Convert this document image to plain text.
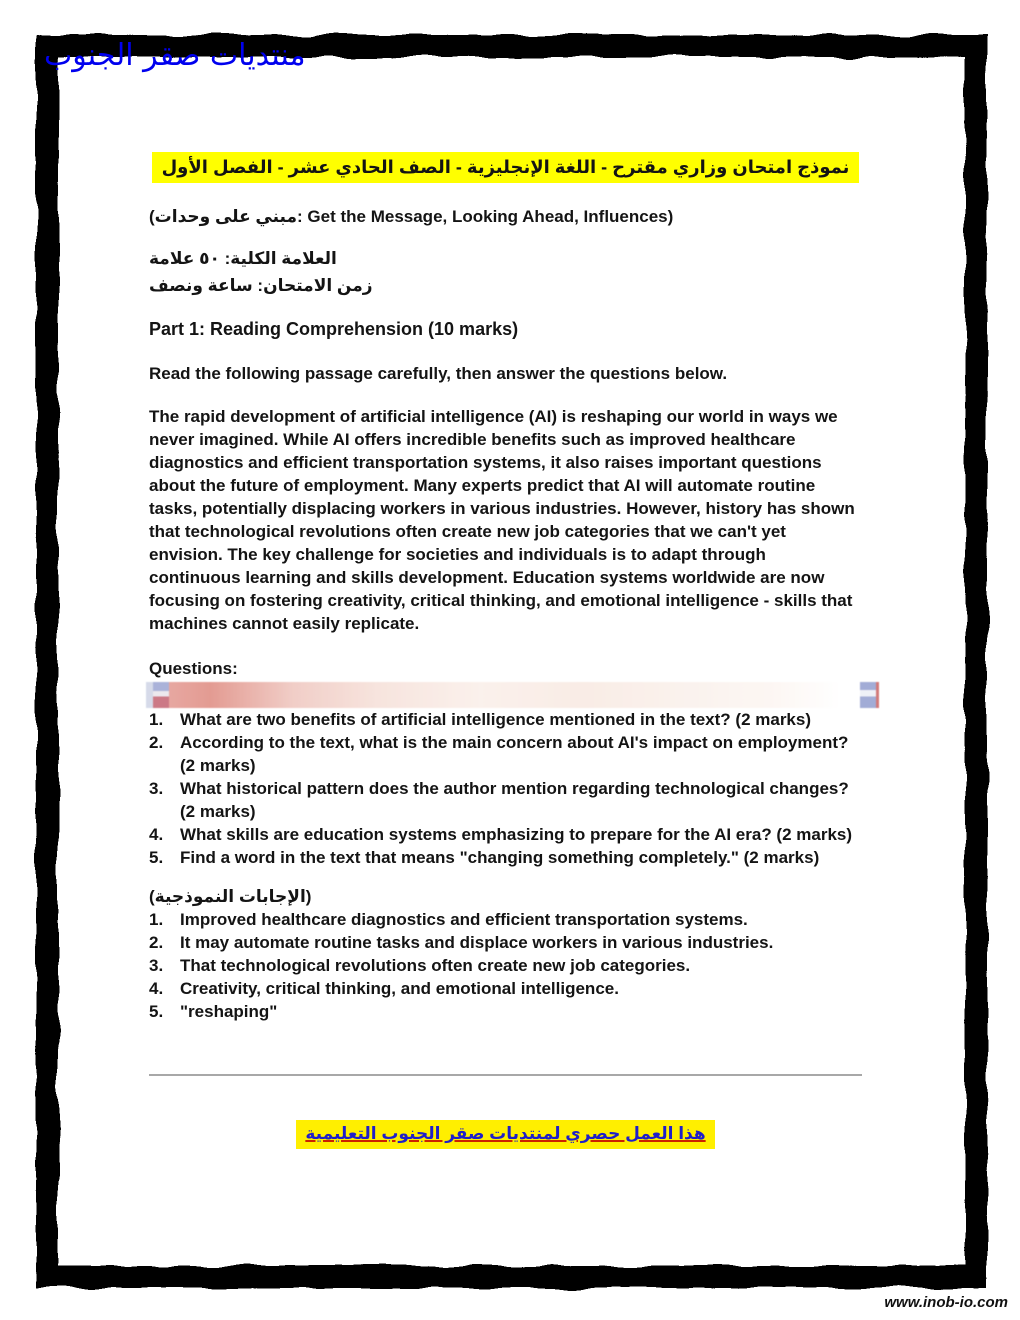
منتديات صقر الجنوب
نموذج امتحان وزاري مقترح - اللغة الإنجليزية - الصف الحادي عشر - الفصل الأول
(مبني على وحدات: Get the Message, Looking Ahead, Influences)
العلامة الكلية: ٥٠ علامة
زمن الامتحان: ساعة ونصف
Part 1: Reading Comprehension (10 marks)
Read the following passage carefully, then answer the questions below.
The rapid development of artificial intelligence (AI) is reshaping our world in ways we never imagined. While AI offers incredible benefits such as improved healthcare diagnostics and efficient transportation systems, it also raises important questions about the future of employment. Many experts predict that AI will automate routine tasks, potentially displacing workers in various industries. However, history has shown that technological revolutions often create new job categories that we can't yet envision. The key challenge for societies and individuals is to adapt through continuous learning and skills development. Education systems worldwide are now focusing on fostering creativity, critical thinking, and emotional intelligence - skills that machines cannot easily replicate.
Questions:
1. What are two benefits of artificial intelligence mentioned in the text? (2 marks)
2. According to the text, what is the main concern about AI's impact on employment? (2 marks)
3. What historical pattern does the author mention regarding technological changes? (2 marks)
4. What skills are education systems emphasizing to prepare for the AI era? (2 marks)
5. Find a word in the text that means "changing something completely." (2 marks)
(الإجابات النموذجية)
1. Improved healthcare diagnostics and efficient transportation systems.
2. It may automate routine tasks and displace workers in various industries.
3. That technological revolutions often create new job categories.
4. Creativity, critical thinking, and emotional intelligence.
5. "reshaping"
هذا العمل حصري لمنتديات صقر الجنوب التعليمية
www.inob-io.com
